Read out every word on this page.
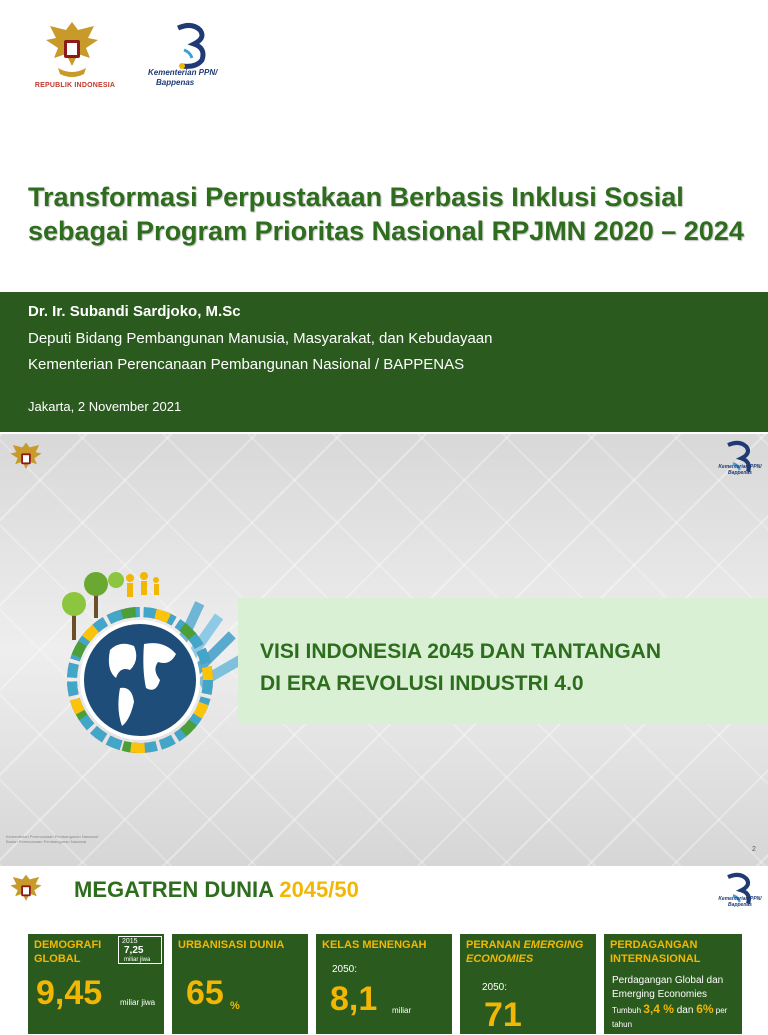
REPUBLIK INDONESIA
Kementerian PPN/
Bappenas
Transformasi Perpustakaan Berbasis Inklusi Sosial
sebagai Program Prioritas Nasional RPJMN 2020 – 2024
Dr. Ir. Subandi Sardjoko, M.Sc
Deputi Bidang Pembangunan Manusia, Masyarakat, dan Kebudayaan
Kementerian Perencanaan Pembangunan Nasional / BAPPENAS
Jakarta, 2 November 2021
Kementerian PPN/
Bappenas
VISI INDONESIA 2045 DAN TANTANGAN
DI ERA REVOLUSI INDUSTRI 4.0
Kementerian Perencanaan Pembangunan Nasional/
Badan Perencanaan Pembangunan Nasional
2
Kementerian PPN/
Bappenas
MEGATREN DUNIA 2045/50
DEMOGRAFI GLOBAL
2015
7,25
miliar jiwa
9,45 miliar jiwa
URBANISASI DUNIA
65 %
KELAS MENENGAH
2050:
8,1 miliar
PERANAN EMERGING ECONOMIES
2050:
71
PERDAGANGAN INTERNASIONAL
Perdagangan Global dan Emerging Economies
Tumbuh 3,4 % dan 6% per tahun
